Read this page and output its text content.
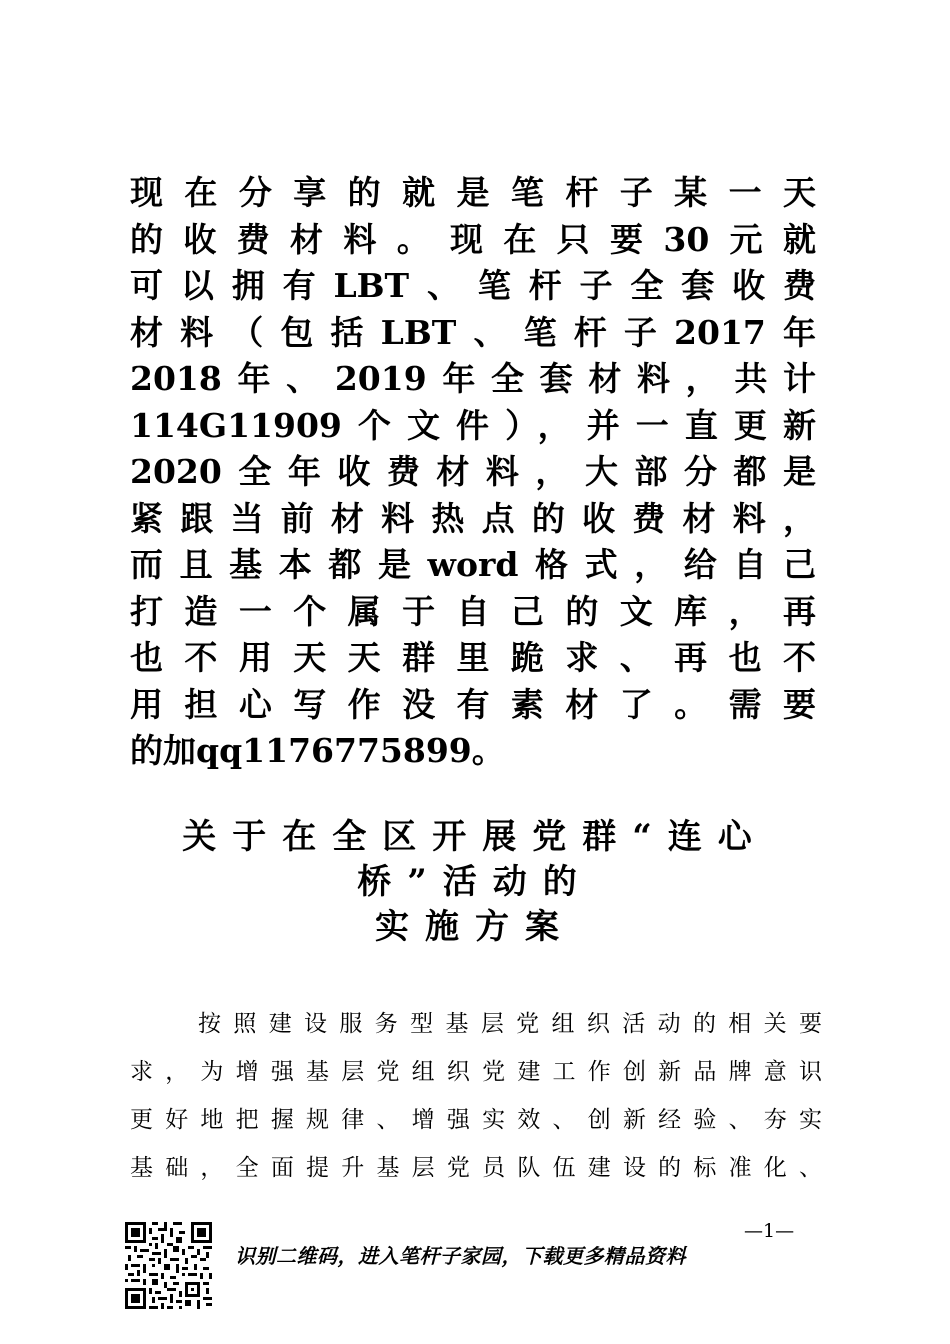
现在分享的就是笔杆子某一天
的收费材料。现在只要30元就
可以拥有LBT、笔杆子全套收费
材料（包括LBT、笔杆子2017年
2018年、2019年全套材料，共计
114G11909个文件），并一直更新
2020全年收费材料，大部分都是
紧跟当前材料热点的收费材料，
而且基本都是word格式，给自己
打造一个属于自己的文库，再
也不用天天群里跪求、再也不
用担心写作没有素材了。需要
的加qq1176775899。
关于在全区开展党群“连心
桥”活动的
实施方案
按照建设服务型基层党组织活动的相关要
求，为增强基层党组织党建工作创新品牌意识
更好地把握规律、增强实效、创新经验、夯实
基础，全面提升基层党员队伍建设的标准化、
—1—
识别二维码，进入笔杆子家园，下载更多精品资料
